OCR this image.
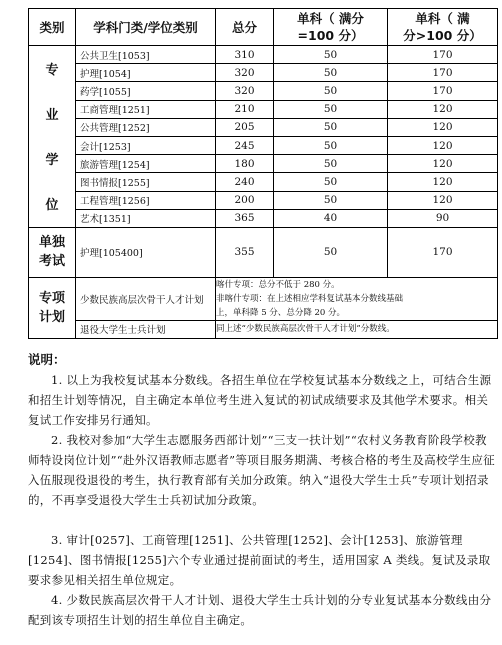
类别	学科门类/学位类别	总分	单科（ 满分
=100 分）	单科（ 满
分>100 分）

专
业
学
位	公共卫生[1053]	310	50	170
	护理[1054]	320	50	170
	药学[1055]	320	50	170
	工商管理[1251]	210	50	120
	公共管理[1252]	205	50	120
	会计[1253]	245	50	120
	旅游管理[1254]	180	50	120
	图书情报[1255]	240	50	120
	工程管理[1256]	200	50	120
	艺术[1351]	365	40	90
单独
考试	护理[105400]	355	50	170
专项
计划	少数民族高层次骨干人才计划	喀什专项：总分不低于 280 分。
非喀什专项：在上述相应学科复试基本分数线基础
上，单科降 5 分、总分降 20 分。		

	退役大学生士兵计划	同上述“少数民族高层次骨干人才计划”分数线。		
说明：

1. 以上为我校复试基本分数线。各招生单位在学校复试基本分数线之上，可结合生源和招生计划等情况，自主确定本单位考生进入复试的初试成绩要求及其他学术要求。相关复试工作安排另行通知。

2. 我校对参加“大学生志愿服务西部计划”“三支一扶计划”“农村义务教育阶段学校教师特设岗位计划”“赴外汉语教师志愿者”等项目服务期满、考核合格的考生及高校学生应征入伍服现役退役的考生，执行教育部有关加分政策。纳入“退役大学生士兵”专项计划招录的，不再享受退役大学生士兵初试加分政策。

3. 审计[0257]、工商管理[1251]、公共管理[1252]、会计[1253]、旅游管理[1254]、图书情报[1255]六个专业通过提前面试的考生，适用国家 A 类线。复试及录取要求参见相关招生单位规定。

4. 少数民族高层次骨干人才计划、退役大学生士兵计划的分专业复试基本分数线由分配到该专项招生计划的招生单位自主确定。
